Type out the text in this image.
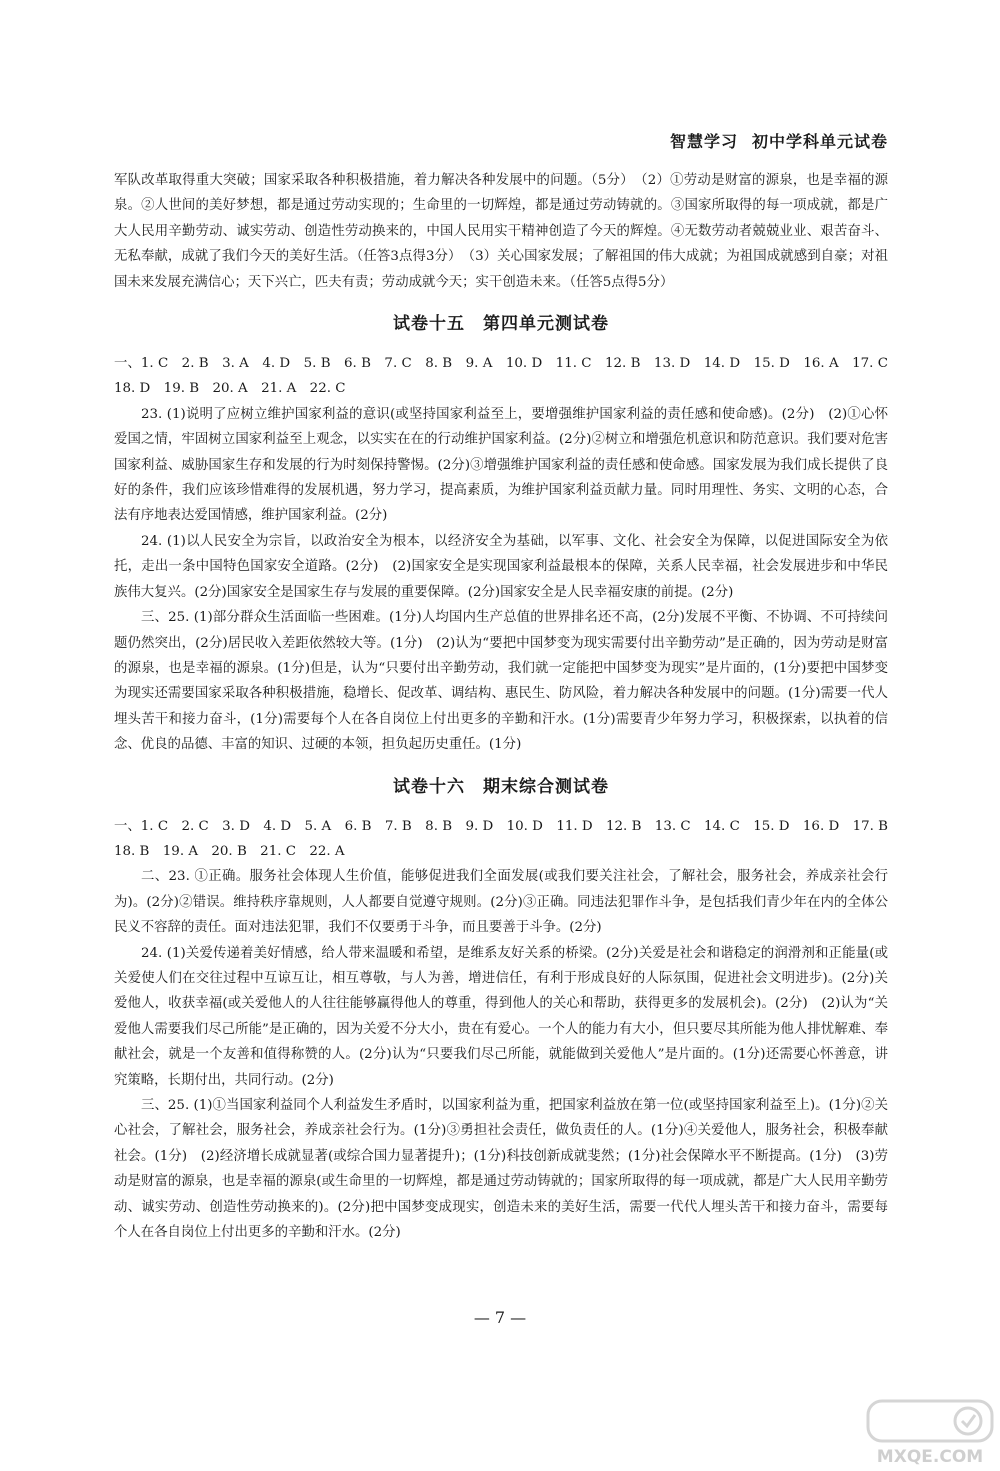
智慧学习 初中学科单元试卷

军队改革取得重大突破；国家采取各种积极措施，着力解决各种发展中的问题。（5分）　（2）①劳动是财富的源泉，也是幸福的源泉。②人世间的美好梦想，都是通过劳动实现的；生命里的一切辉煌，都是通过劳动铸就的。③国家所取得的每一项成就，都是广大人民用辛勤劳动、诚实劳动、创造性劳动换来的，中国人民用实干精神创造了今天的辉煌。④无数劳动者兢兢业业、艰苦奋斗、无私奉献，成就了我们今天的美好生活。（任答3点得3分）　（3）关心国家发展；了解祖国的伟大成就；为祖国成就感到自豪；对祖国未来发展充满信心；天下兴亡，匹夫有责；劳动成就今天；实干创造未来。（任答5点得5分）

试卷十五 第四单元测试卷

一、1. C　2. B　3. A　4. D　5. B　6. B　7. C　8. B　9. A　10. D　11. C　12. B　13. D　14. D　15. D　16. A　17. C　18. D　19. B　20. A　21. A　22. C

23. (1)说明了应树立维护国家利益的意识(或坚持国家利益至上，要增强维护国家利益的责任感和使命感)。(2分)　(2)①心怀爱国之情，牢固树立国家利益至上观念，以实实在在的行动维护国家利益。(2分)②树立和增强危机意识和防范意识。我们要对危害国家利益、威胁国家生存和发展的行为时刻保持警惕。(2分)③增强维护国家利益的责任感和使命感。国家发展为我们成长提供了良好的条件，我们应该珍惜难得的发展机遇，努力学习，提高素质，为维护国家利益贡献力量。同时用理性、务实、文明的心态，合法有序地表达爱国情感，维护国家利益。(2分)

24. (1)以人民安全为宗旨，以政治安全为根本，以经济安全为基础，以军事、文化、社会安全为保障，以促进国际安全为依托，走出一条中国特色国家安全道路。(2分)　(2)国家安全是实现国家利益最根本的保障，关系人民幸福，社会发展进步和中华民族伟大复兴。(2分)国家安全是国家生存与发展的重要保障。(2分)国家安全是人民幸福安康的前提。(2分)

三、25. (1)部分群众生活面临一些困难。(1分)人均国内生产总值的世界排名还不高，(2分)发展不平衡、不协调、不可持续问题仍然突出，(2分)居民收入差距依然较大等。(1分)　(2)认为“要把中国梦变为现实需要付出辛勤劳动”是正确的，因为劳动是财富的源泉，也是幸福的源泉。(1分)但是，认为“只要付出辛勤劳动，我们就一定能把中国梦变为现实”是片面的，(1分)要把中国梦变为现实还需要国家采取各种积极措施，稳增长、促改革、调结构、惠民生、防风险，着力解决各种发展中的问题。(1分)需要一代人埋头苦干和接力奋斗，(1分)需要每个人在各自岗位上付出更多的辛勤和汗水。(1分)需要青少年努力学习，积极探索，以执着的信念、优良的品德、丰富的知识、过硬的本领，担负起历史重任。(1分)

试卷十六 期末综合测试卷

一、1. C　2. C　3. D　4. D　5. A　6. B　7. B　8. B　9. D　10. D　11. D　12. B　13. C　14. C　15. D　16. D　17. B　18. B　19. A　20. B　21. C　22. A

二、23. ①正确。服务社会体现人生价值，能够促进我们全面发展(或我们要关注社会，了解社会，服务社会，养成亲社会行为)。(2分)②错误。维持秩序靠规则，人人都要自觉遵守规则。(2分)③正确。同违法犯罪作斗争，是包括我们青少年在内的全体公民义不容辞的责任。面对违法犯罪，我们不仅要勇于斗争，而且要善于斗争。(2分)

24. (1)关爱传递着美好情感，给人带来温暖和希望，是维系友好关系的桥梁。(2分)关爱是社会和谐稳定的润滑剂和正能量(或关爱使人们在交往过程中互谅互让，相互尊敬，与人为善，增进信任，有利于形成良好的人际氛围，促进社会文明进步)。(2分)关爱他人，收获幸福(或关爱他人的人往往能够赢得他人的尊重，得到他人的关心和帮助，获得更多的发展机会)。(2分)　(2)认为“关爱他人需要我们尽己所能”是正确的，因为关爱不分大小，贵在有爱心。一个人的能力有大小，但只要尽其所能为他人排忧解难、奉献社会，就是一个友善和值得称赞的人。(2分)认为“只要我们尽己所能，就能做到关爱他人”是片面的。(1分)还需要心怀善意，讲究策略，长期付出，共同行动。(2分)

三、25. (1)①当国家利益同个人利益发生矛盾时，以国家利益为重，把国家利益放在第一位(或坚持国家利益至上)。(1分)②关心社会，了解社会，服务社会，养成亲社会行为。(1分)③勇担社会责任，做负责任的人。(1分)④关爱他人，服务社会，积极奉献社会。(1分)　(2)经济增长成就显著(或综合国力显著提升)；(1分)科技创新成就斐然；(1分)社会保障水平不断提高。(1分)　(3)劳动是财富的源泉，也是幸福的源泉(或生命里的一切辉煌，都是通过劳动铸就的；国家所取得的每一项成就，都是广大人民用辛勤劳动、诚实劳动、创造性劳动换来的)。(2分)把中国梦变成现实，创造未来的美好生活，需要一代代人埋头苦干和接力奋斗，需要每个人在各自岗位上付出更多的辛勤和汗水。(2分)

— 7 —
MXQE.COM
